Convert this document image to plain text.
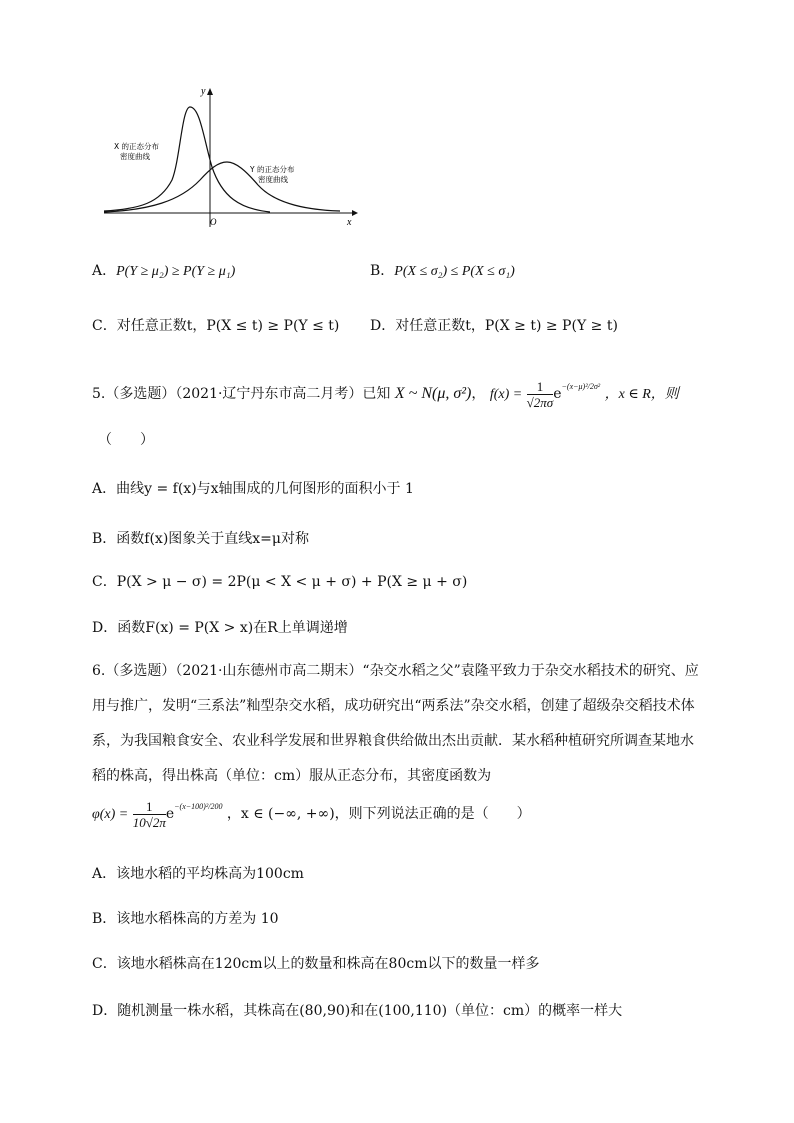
y
x
O
X 的正态分布
密度曲线
Y 的正态分布
密度曲线
A．P(Y ≥ μ₂) ≥ P(Y ≥ μ₁)	B．P(X ≤ σ₂) ≤ P(X ≤ σ₁)
C．对任意正数t，P(X ≤ t) ≥ P(Y ≤ t) D．对任意正数t，P(X ≥ t) ≥ P(Y ≥ t)
5.（多选题）（2021·辽宁丹东市高二月考）已知 X ~ N(μ, σ²)， $f(x) = \frac{1}{√2\pi\sigma} e^{-(x-\mu)^2/2\sigma^2}$ ，x ∈ R，则
（　　）
A．曲线y = f(x)与x轴围成的几何图形的面积小于 1
B．函数f(x)图象关于直线x=μ对称
C．P(X > μ − σ) = 2P(μ < X < μ + σ) + P(X ≥ μ + σ)
D．函数F(x) = P(X > x)在R上单调递增
6.（多选题）（2021·山东德州市高二期末）“杂交水稻之父”袁隆平致力于杂交水稻技术的研究、应
用与推广，发明“三系法”籼型杂交水稻，成功研究出“两系法”杂交水稻，创建了超级杂交稻技术体
系，为我国粮食安全、农业科学发展和世界粮食供给做出杰出贡献．某水稻种植研究所调查某地水
稻的株高，得出株高（单位：cm）服从正态分布，其密度函数为
$\varphi(x) = \frac{1}{10√2\pi} e^{-(x-100)^2/200}$ ，x ∈ (−∞, +∞)，则下列说法正确的是（　　）
A．该地水稻的平均株高为100cm
B．该地水稻株高的方差为 10
C．该地水稻株高在120cm以上的数量和株高在80cm以下的数量一样多
D．随机测量一株水稻，其株高在(80,90)和在(100,110)（单位：cm）的概率一样大
